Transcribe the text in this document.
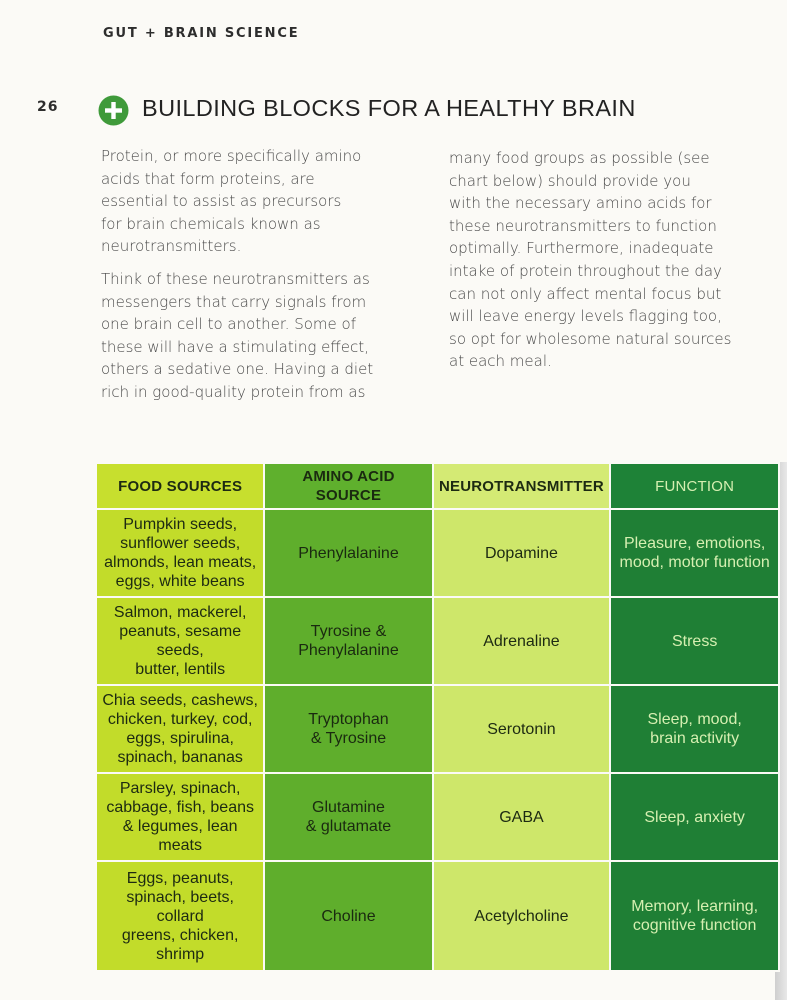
GUT + BRAIN SCIENCE
26	BUILDING BLOCKS FOR A HEALTHY BRAIN

Protein, or more specifically amino
acids that form proteins, are
essential to assist as precursors
for brain chemicals known as
neurotransmitters.

Think of these neurotransmitters as
messengers that carry signals from
one brain cell to another. Some of
these will have a stimulating effect,
others a sedative one. Having a diet
rich in good-quality protein from as

many food groups as possible (see
chart below) should provide you
with the necessary amino acids for
these neurotransmitters to function
optimally. Furthermore, inadequate
intake of protein throughout the day
can not only affect mental focus but
will leave energy levels flagging too,
so opt for wholesome natural sources
at each meal.

FOOD SOURCES	AMINO ACID SOURCE	NEUROTRANSMITTER	FUNCTION

Pumpkin seeds,
sunflower seeds,
almonds, lean meats,
eggs, white beans	Phenylalanine	Dopamine	Pleasure, emotions,
mood, motor function

Salmon, mackerel,
peanuts, sesame seeds,
butter, lentils	Tyrosine &
Phenylalanine	Adrenaline	Stress

Chia seeds, cashews,
chicken, turkey, cod,
eggs, spirulina,
spinach, bananas	Tryptophan
& Tyrosine	Serotonin	Sleep, mood,
brain activity

Parsley, spinach,
cabbage, fish, beans
& legumes, lean meats	Glutamine
& glutamate	GABA	Sleep, anxiety

Eggs, peanuts,
spinach, beets, collard
greens, chicken, shrimp	Choline	Acetylcholine	Memory, learning,
cognitive function
